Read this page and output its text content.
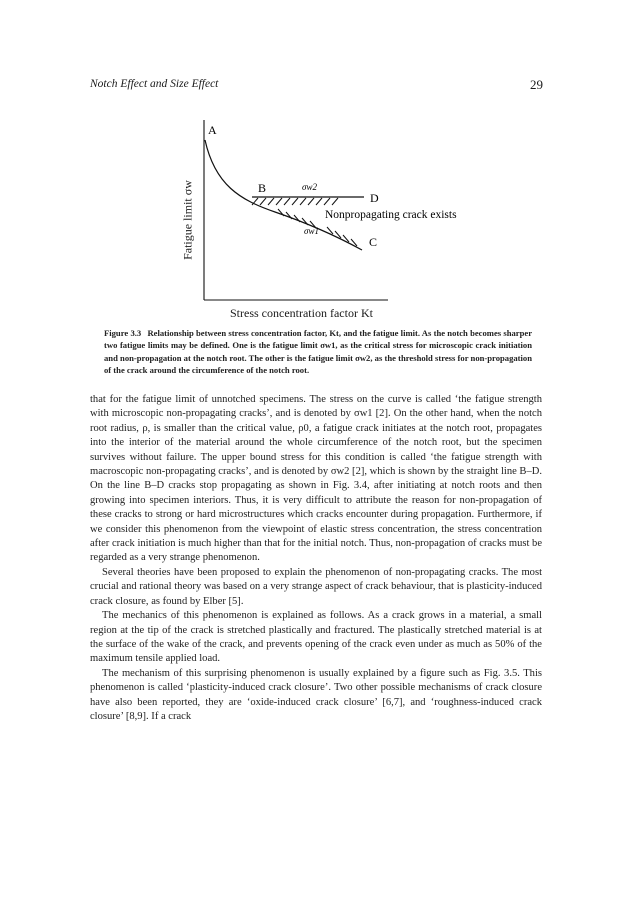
Notch Effect and Size Effect	29
A
B
D
C
σw2
σw1
Nonpropagating crack exists
Fatigue limit σw
Stress concentration factor Kt
Figure 3.3 Relationship between stress concentration factor, Kt, and the fatigue limit. As the notch becomes sharper two fatigue limits may be defined. One is the fatigue limit σw1, as the critical stress for microscopic crack initiation and non-propagation at the notch root. The other is the fatigue limit σw2, as the threshold stress for non-propagation of the crack around the circumference of the notch root.

that for the fatigue limit of unnotched specimens. The stress on the curve is called ‘the fatigue strength with microscopic non-propagating cracks’, and is denoted by σw1 [2]. On the other hand, when the notch root radius, ρ, is smaller than the critical value, ρ0, a fatigue crack initiates at the notch root, propagates into the interior of the material around the whole circumference of the notch root, but the specimen survives without failure. The upper bound stress for this condition is called ‘the fatigue strength with macroscopic non-propagating cracks’, and is denoted by σw2 [2], which is shown by the straight line B–D. On the line B–D cracks stop propagating as shown in Fig. 3.4, after initiating at notch roots and then growing into specimen interiors. Thus, it is very difficult to attribute the reason for non-propagation of these cracks to strong or hard microstructures which cracks encounter during propagation. Furthermore, if we consider this phenomenon from the viewpoint of elastic stress concentration, the stress concentration after crack initiation is much higher than that for the initial notch. Thus, non-propagation of cracks must be regarded as a very strange phenomenon.

Several theories have been proposed to explain the phenomenon of non-propagating cracks. The most crucial and rational theory was based on a very strange aspect of crack behaviour, that is plasticity-induced crack closure, as found by Elber [5].

The mechanics of this phenomenon is explained as follows. As a crack grows in a material, a small region at the tip of the crack is stretched plastically and fractured. The plastically stretched material is at the surface of the wake of the crack, and prevents opening of the crack even under as much as 50% of the maximum tensile applied load.

The mechanism of this surprising phenomenon is usually explained by a figure such as Fig. 3.5. This phenomenon is called ‘plasticity-induced crack closure’. Two other possible mechanisms of crack closure have also been reported, they are ‘oxide-induced crack closure’ [6,7], and ‘roughness-induced crack closure’ [8,9]. If a crack
